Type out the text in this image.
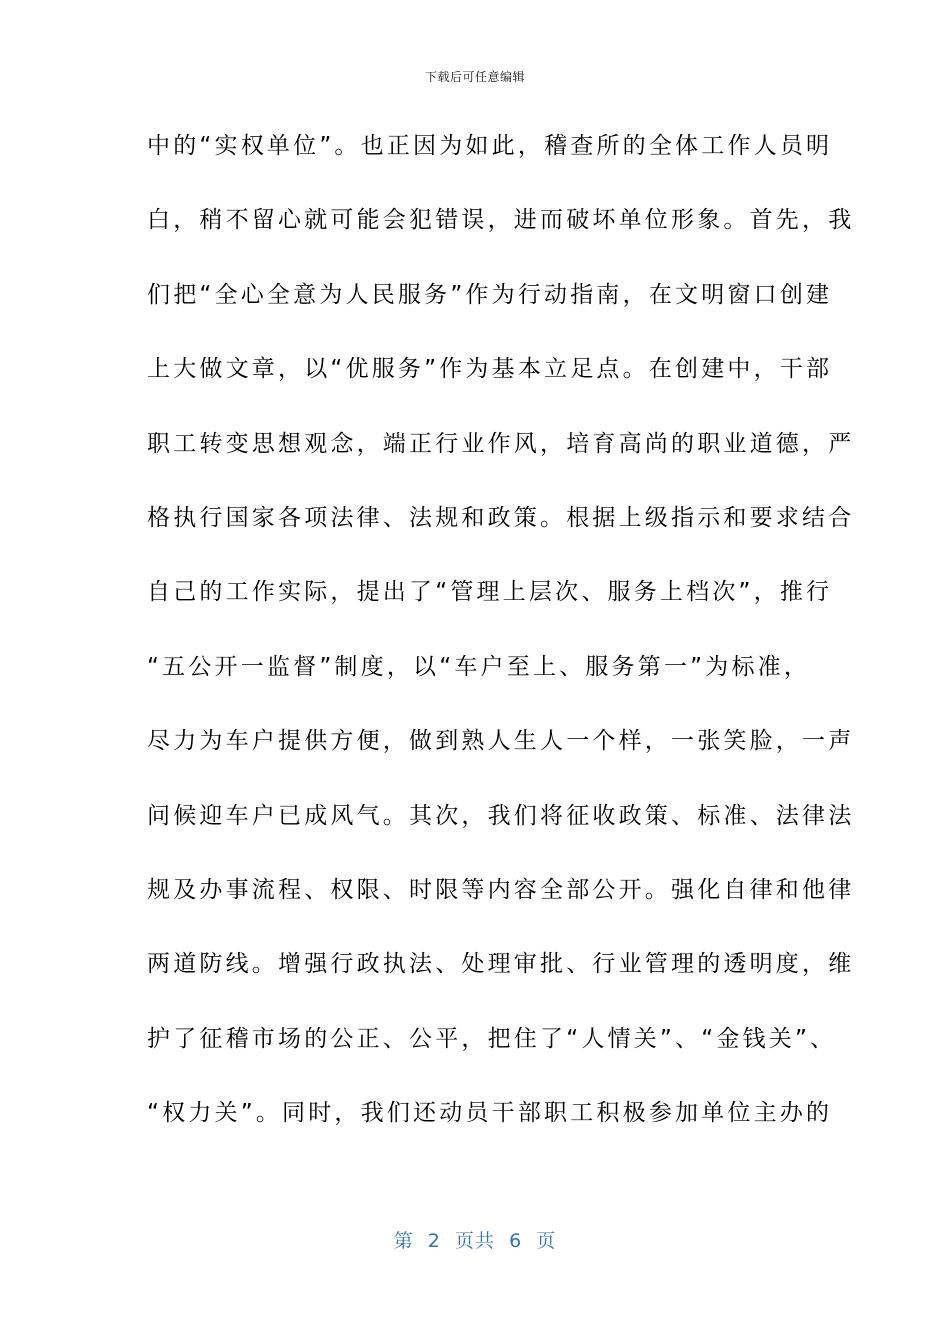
下载后可任意编辑
中的“实权单位”。也正因为如此，稽查所的全体工作人员明
白，稍不留心就可能会犯错误，进而破坏单位形象。首先，我
们把“全心全意为人民服务”作为行动指南，在文明窗口创建
上大做文章，以“优服务”作为基本立足点。在创建中，干部
职工转变思想观念，端正行业作风，培育高尚的职业道德，严
格执行国家各项法律、法规和政策。根据上级指示和要求结合
自己的工作实际，提出了“管理上层次、服务上档次”，推行
“五公开一监督”制度，以“车户至上、服务第一”为标准，
尽力为车户提供方便，做到熟人生人一个样，一张笑脸，一声
问候迎车户已成风气。其次，我们将征收政策、标准、法律法
规及办事流程、权限、时限等内容全部公开。强化自律和他律
两道防线。增强行政执法、处理审批、行业管理的透明度，维
护了征稽市场的公正、公平，把住了“人情关”、“金钱关”、
“权力关”。同时，我们还动员干部职工积极参加单位主办的
第 2 页共 6 页
